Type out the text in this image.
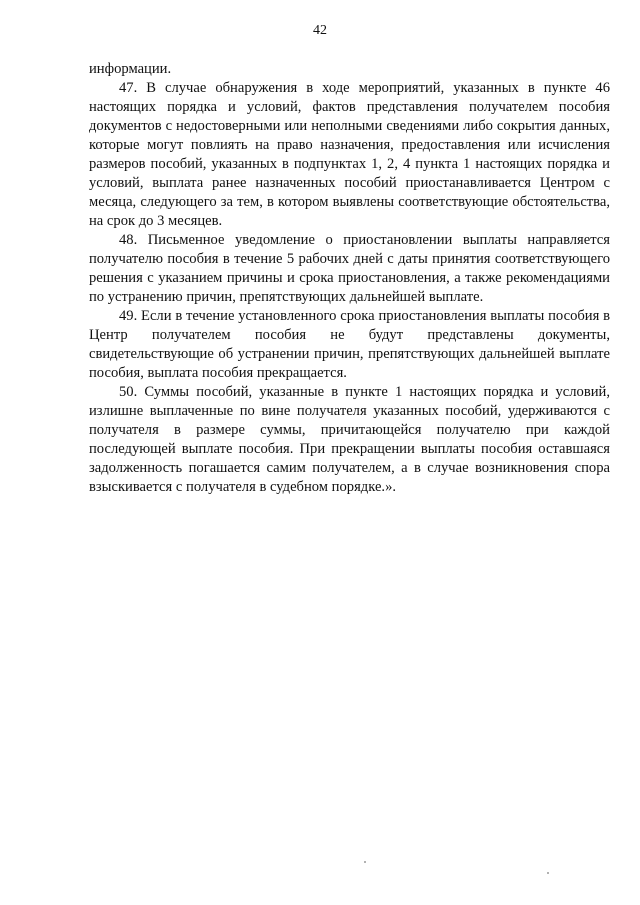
42

информации.

47. В случае обнаружения в ходе мероприятий, указанных в пункте 46 настоящих порядка и условий, фактов представления получателем пособия документов с недостоверными или неполными сведениями либо сокрытия данных, которые могут повлиять на право назначения, предоставления или исчисления размеров пособий, указанных в подпунктах 1, 2, 4 пункта 1 настоящих порядка и условий, выплата ранее назначенных пособий приостанавливается Центром с месяца, следующего за тем, в котором выявлены соответствующие обстоятельства, на срок до 3 месяцев.

48. Письменное уведомление о приостановлении выплаты направляется получателю пособия в течение 5 рабочих дней с даты принятия соответствующего решения с указанием причины и срока приостановления, а также рекомендациями по устранению причин, препятствующих дальнейшей выплате.

49. Если в течение установленного срока приостановления выплаты пособия в Центр получателем пособия не будут представлены документы, свидетельствующие об устранении причин, препятствующих дальнейшей выплате пособия, выплата пособия прекращается.

50. Суммы пособий, указанные в пункте 1 настоящих порядка и условий, излишне выплаченные по вине получателя указанных пособий, удерживаются с получателя в размере суммы, причитающейся получателю при каждой последующей выплате пособия. При прекращении выплаты пособия оставшаяся задолженность погашается самим получателем, а в случае возникновения спора взыскивается с получателя в судебном порядке.».
